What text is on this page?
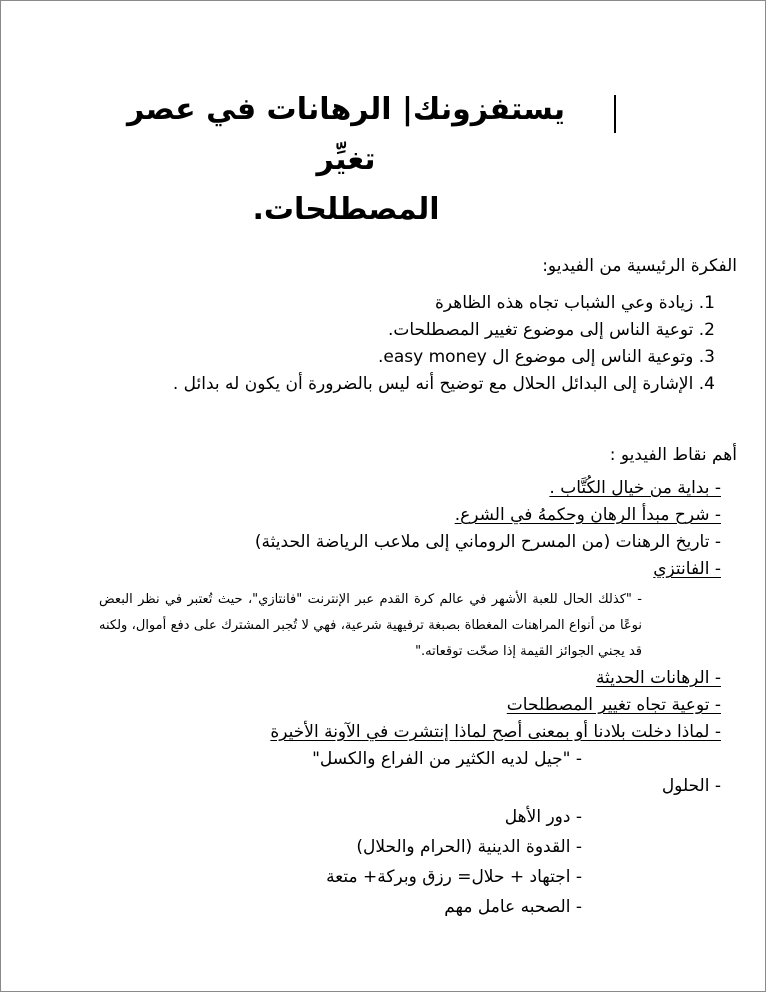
يستفزونك| الرهانات في عصر تغيِّر
المصطلحات.

الفكرة الرئيسية من الفيديو:

1. زيادة وعي الشباب تجاه هذه الظاهرة

2. توعية الناس إلى موضوع تغيير المصطلحات.

3. وتوعية الناس إلى موضوع ال easy money.

4. الإشارة إلى البدائل الحلال مع توضيح أنه ليس بالضرورة أن يكون له بدائل .

أهم نقاط الفيديو :

- بداية من خيال الكُتَّاب .

- شرح مبدأ الرهان وحكمهُ في الشرع.

- تاريخ الرهنات (من المسرح الروماني إلى ملاعب الرياضة الحديثة)

- الفانتزي

- "كذلك الحال للعبة الأشهر في عالم كرة القدم عبر الإنترنت "فانتازي"، حيث تُعتبر في نظر البعض نوعًا من أنواع المراهنات المغطاة بصبغة ترفيهية شرعية، فهي لا تُجبر المشترك على دفع أموال، ولكنه قد يجني الجوائز القيمة إذا صحّت توقعاته."

- الرهانات الحديثة

- توعية تجاه تغيير المصطلحات

- لماذا دخلت بلادنا أو بمعنى أصح لماذا إنتشرت في الآونة الأخيرة

- "جيل لديه الكثير من الفراع والكسل"

- الحلول

- دور الأهل

- القدوة الدينية (الحرام والحلال)

- اجتهاد + حلال= رزق وبركة+ متعة

- الصحبه عامل مهم
